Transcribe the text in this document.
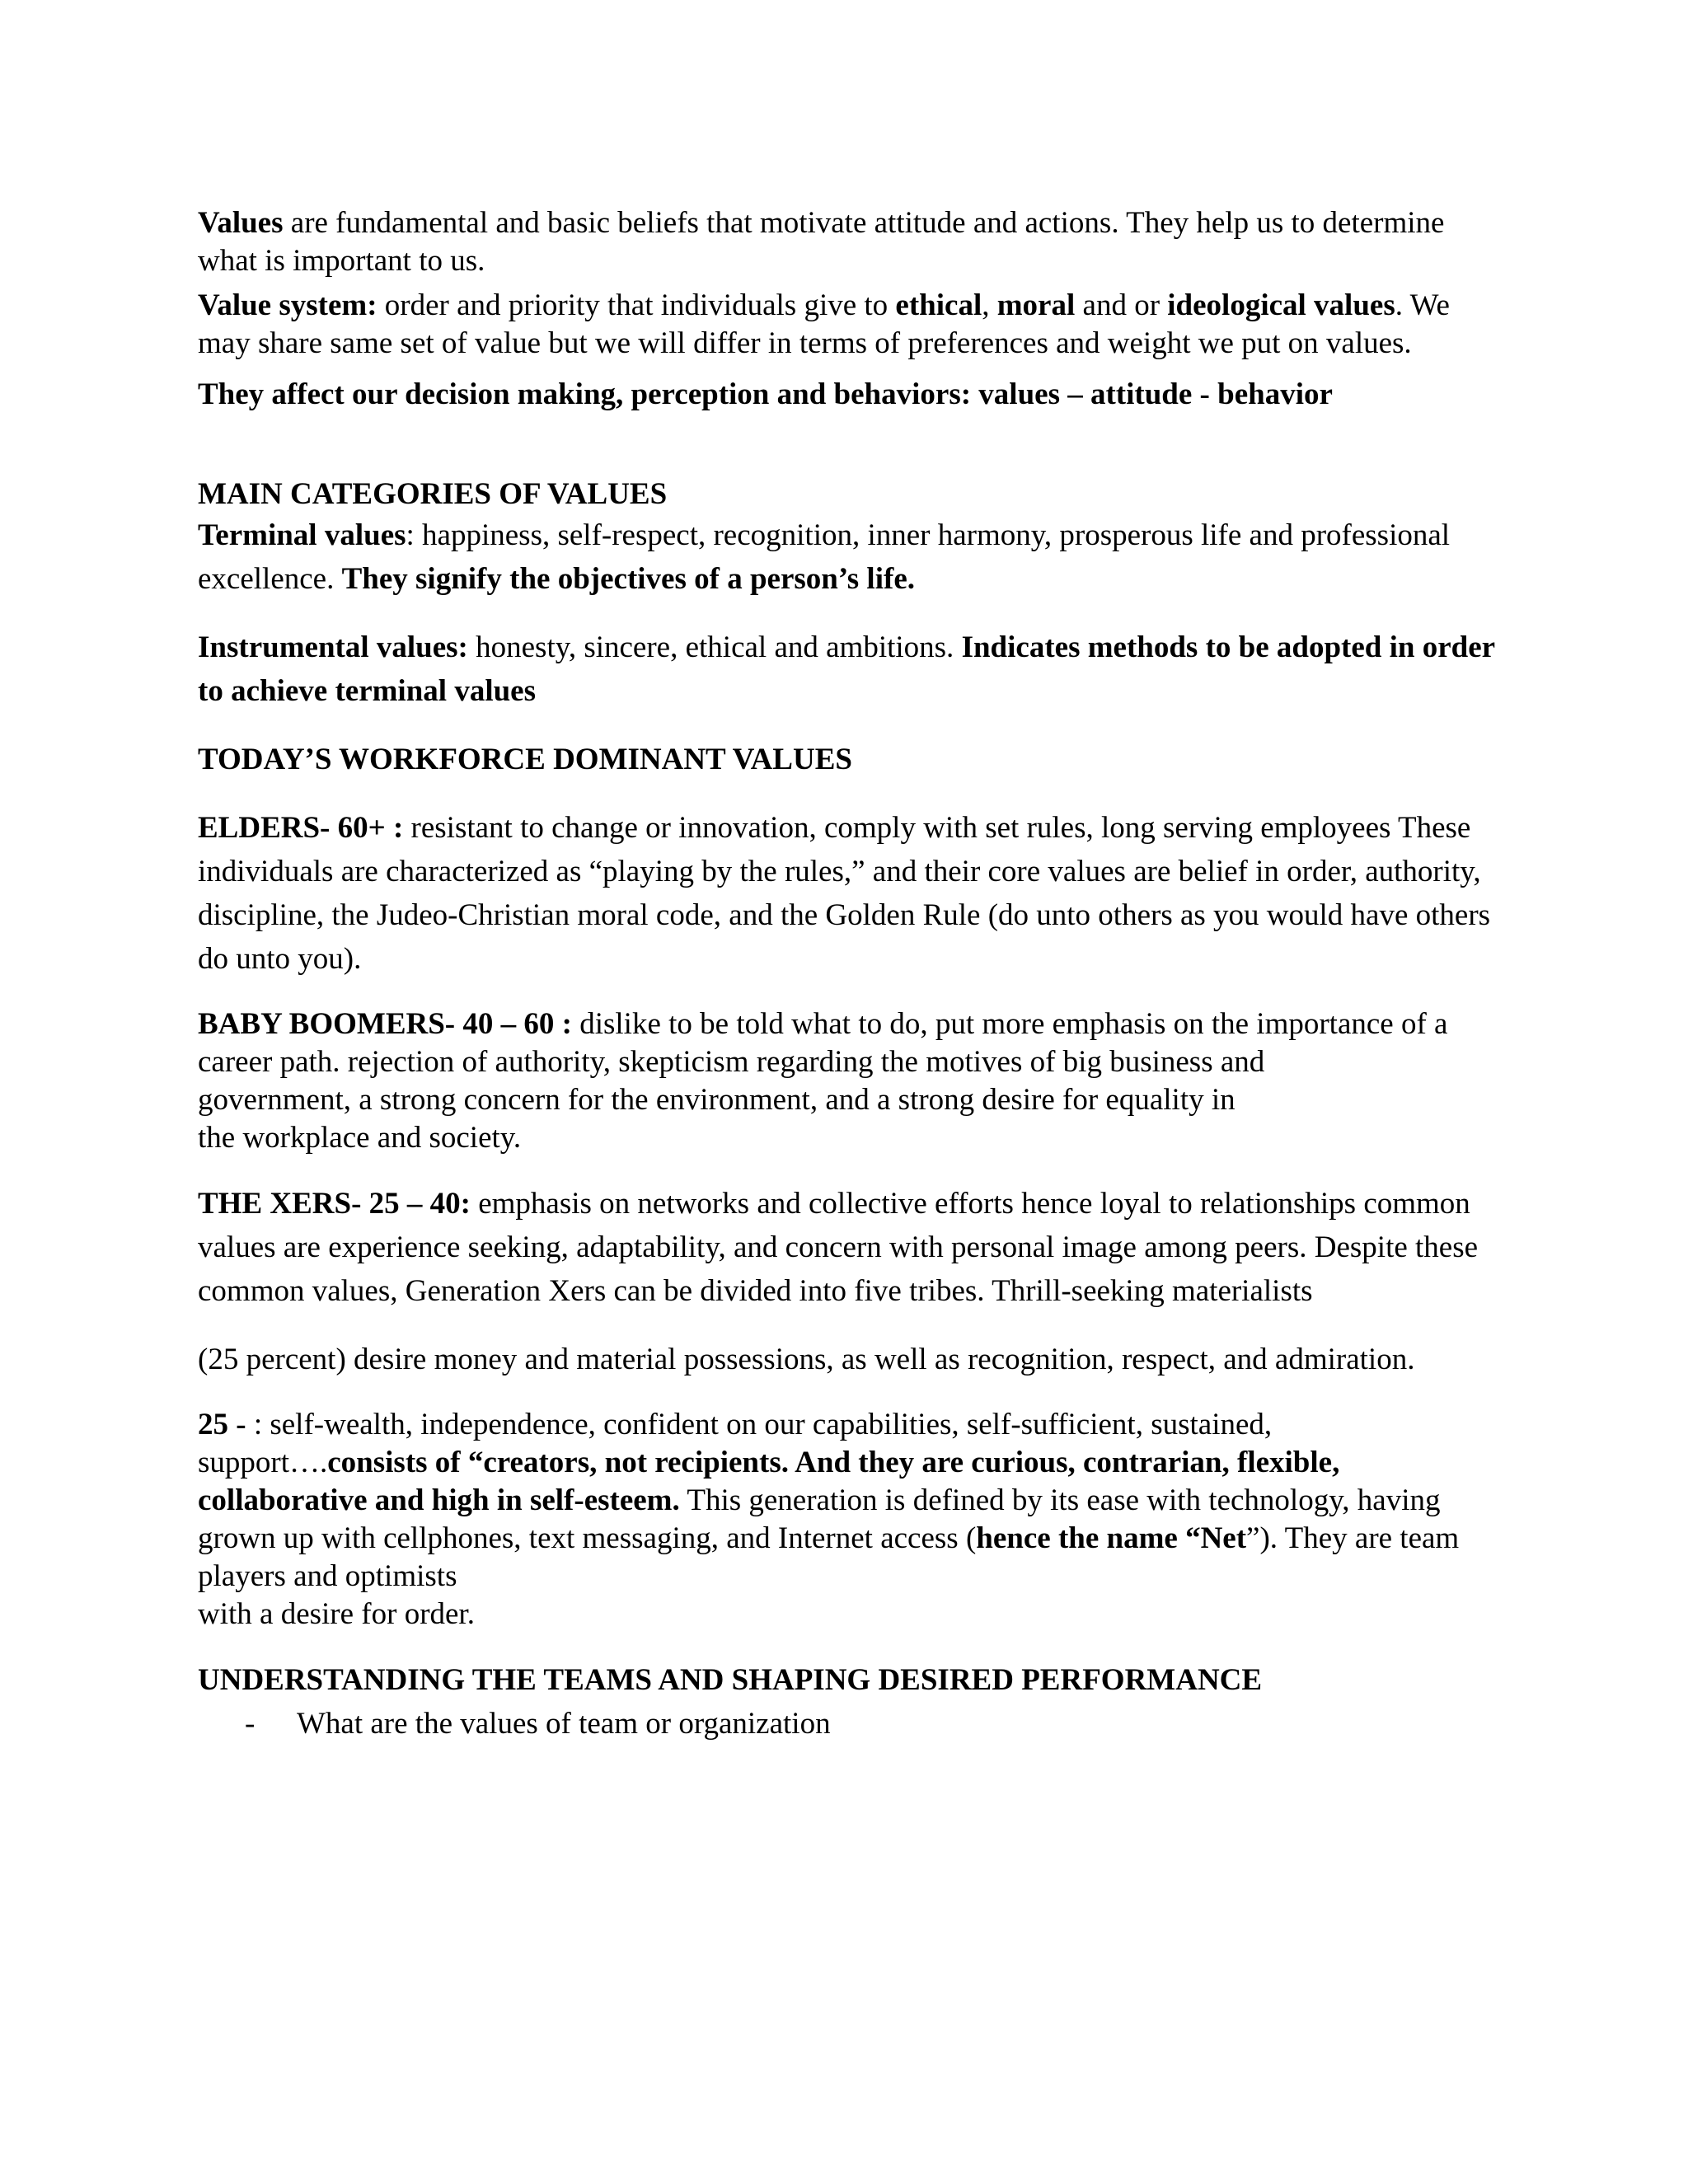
Values are fundamental and basic beliefs that motivate attitude and actions. They help us to determine what is important to us.

Value system: order and priority that individuals give to ethical, moral and or ideological values. We may share same set of value but we will differ in terms of preferences and weight we put on values.

They affect our decision making, perception and behaviors: values – attitude - behavior

MAIN CATEGORIES OF VALUES

Terminal values: happiness, self-respect, recognition, inner harmony, prosperous life and professional excellence. They signify the objectives of a person’s life.

Instrumental values: honesty, sincere, ethical and ambitions. Indicates methods to be adopted in order to achieve terminal values

TODAY’S WORKFORCE DOMINANT VALUES

ELDERS- 60+ : resistant to change or innovation, comply with set rules, long serving employees These individuals are characterized as “playing by the rules,” and their core values are belief in order, authority, discipline, the Judeo-Christian moral code, and the Golden Rule (do unto others as you would have others do unto you).

BABY BOOMERS- 40 – 60 : dislike to be told what to do, put more emphasis on the importance of a career path. rejection of authority, skepticism regarding the motives of big business and
government, a strong concern for the environment, and a strong desire for equality in
the workplace and society.

THE XERS- 25 – 40: emphasis on networks and collective efforts hence loyal to relationships common values are experience seeking, adaptability, and concern with personal image among peers. Despite these common values, Generation Xers can be divided into five tribes. Thrill-seeking materialists

(25 percent) desire money and material possessions, as well as recognition, respect, and admiration.

25 - : self-wealth, independence, confident on our capabilities, self-sufficient, sustained, support….consists of “creators, not recipients. And they are curious, contrarian, flexible, collaborative and high in self-esteem. This generation is defined by its ease with technology, having grown up with cellphones, text messaging, and Internet access (hence the name “Net”). They are team players and optimists
with a desire for order.

UNDERSTANDING THE TEAMS AND SHAPING DESIRED PERFORMANCE

- What are the values of team or organization
